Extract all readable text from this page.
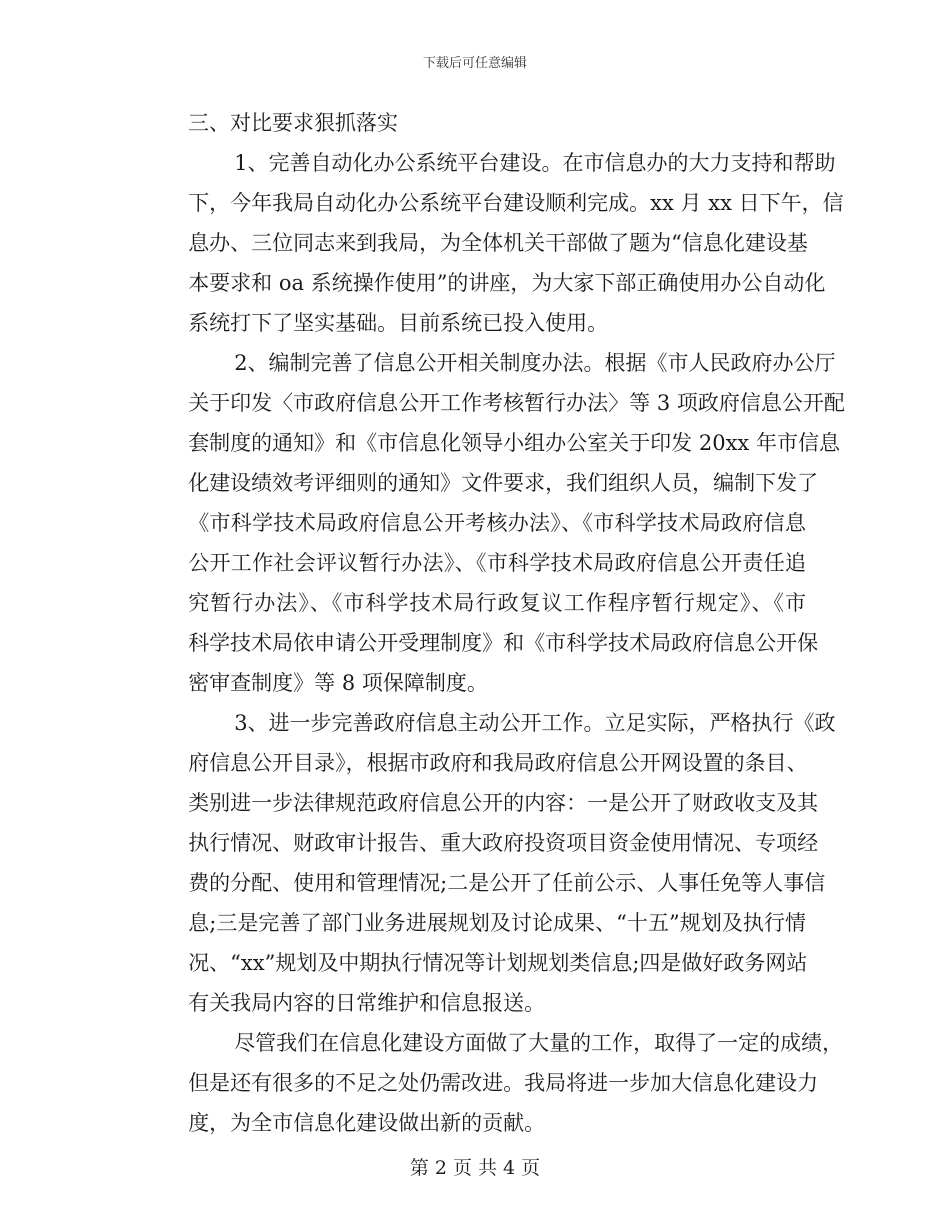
下载后可任意编辑

三、对比要求狠抓落实

1、完善自动化办公系统平台建设。在市信息办的大力支持和帮助
下，今年我局自动化办公系统平台建设顺利完成。xx 月 xx 日下午，信
息办、三位同志来到我局，为全体机关干部做了题为“信息化建设基
本要求和 oa 系统操作使用”的讲座，为大家下部正确使用办公自动化
系统打下了坚实基础。目前系统已投入使用。
2、编制完善了信息公开相关制度办法。根据《市人民政府办公厅
关于印发〈市政府信息公开工作考核暂行办法〉等 3 项政府信息公开配
套制度的通知》和《市信息化领导小组办公室关于印发 20xx 年市信息
化建设绩效考评细则的通知》文件要求，我们组织人员，编制下发了
《市科学技术局政府信息公开考核办法》、《市科学技术局政府信息
公开工作社会评议暂行办法》、《市科学技术局政府信息公开责任追
究暂行办法》、《市科学技术局行政复议工作程序暂行规定》、《市
科学技术局依申请公开受理制度》和《市科学技术局政府信息公开保
密审查制度》等 8 项保障制度。
3、进一步完善政府信息主动公开工作。立足实际，严格执行《政
府信息公开目录》，根据市政府和我局政府信息公开网设置的条目、
类别进一步法律规范政府信息公开的内容：一是公开了财政收支及其
执行情况、财政审计报告、重大政府投资项目资金使用情况、专项经
费的分配、使用和管理情况;二是公开了任前公示、人事任免等人事信
息;三是完善了部门业务进展规划及讨论成果、“十五”规划及执行情
况、“xx”规划及中期执行情况等计划规划类信息;四是做好政务网站
有关我局内容的日常维护和信息报送。
尽管我们在信息化建设方面做了大量的工作，取得了一定的成绩，
但是还有很多的不足之处仍需改进。我局将进一步加大信息化建设力
度，为全市信息化建设做出新的贡献。
第 2 页 共 4 页
